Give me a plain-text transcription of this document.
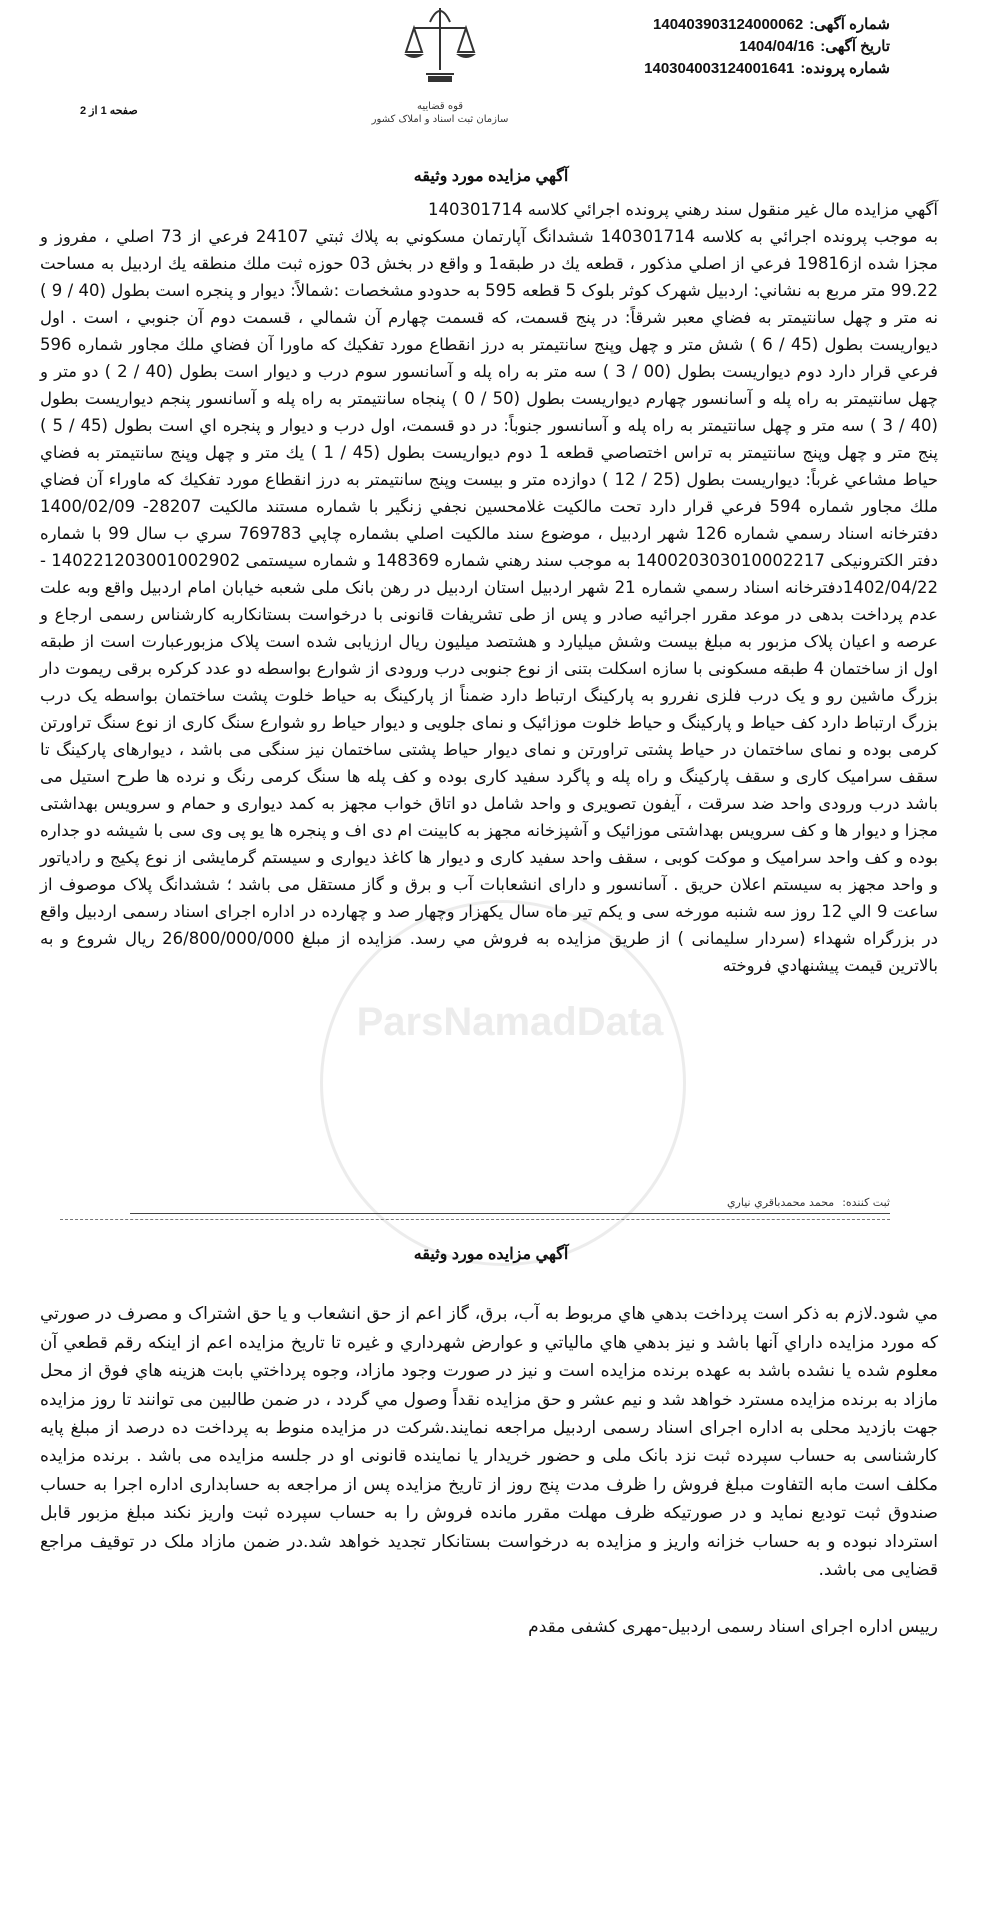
شماره آگهی:140403903124000062
تاریخ آگهی:1404/04/16
شماره پرونده:140304003124001641
قوه قضاییه
سازمان ثبت اسناد و املاک کشور
صفحه 1 از 2
آگهي مزايده مورد وثيقه
ParsNamadData
آگهي مزايده مال غير منقول سند رهني پرونده اجرائي کلاسه 140301714
به موجب پرونده اجرائي به كلاسه 140301714 ششدانگ آپارتمان مسكوني به پلاك ثبتي 24107 فرعي از 73 اصلي ، مفروز و مجزا شده از19816 فرعي از اصلي مذكور ، قطعه يك در طبقه1 و واقع در بخش 03 حوزه ثبت ملك منطقه يك اردبيل به مساحت 99.22 متر مربع به نشاني: اردبيل شهرک کوثر بلوک 5 قطعه 595 به حدودو مشخصات :شمالاً: ديوار و پنجره است بطول (40 / 9 ) نه متر و چهل سانتيمتر به فضاي معبر شرقاً: در پنج قسمت، كه قسمت چهارم آن شمالي ، قسمت دوم آن جنوبي ، است . اول ديواريست بطول (45 / 6 ) شش متر و چهل وپنج سانتيمتر به درز انقطاع مورد تفكيك كه ماورا آن فضاي ملك مجاور شماره 596 فرعي قرار دارد دوم ديواريست بطول (00 / 3 ) سه متر به راه پله و آسانسور سوم درب و ديوار است بطول (40 / 2 ) دو متر و چهل سانتيمتر به راه پله و آسانسور چهارم ديواريست بطول (50 / 0 ) پنجاه سانتيمتر به راه پله و آسانسور پنجم ديواريست بطول (40 / 3 ) سه متر و چهل سانتيمتر به راه پله و آسانسور جنوباً: در دو قسمت، اول درب و ديوار و پنجره اي است بطول (45 / 5 ) پنج متر و چهل وپنج سانتيمتر به تراس اختصاصي قطعه 1 دوم ديواريست بطول (45 / 1 ) يك متر و چهل وپنج سانتيمتر به فضاي حياط مشاعي غرباً: ديواريست بطول (25 / 12 ) دوازده متر و بيست وپنج سانتيمتر به درز انقطاع مورد تفكيك كه ماوراء آن فضاي ملك مجاور شماره 594 فرعي قرار دارد تحت مالکيت غلامحسين نجفي زنگير با شماره مستند مالکيت 28207- 1400/02/09 دفترخانه اسناد رسمي شماره 126 شهر اردبيل ، موضوع سند مالکيت اصلي بشماره چاپي 769783 سري ب سال 99 با شماره دفتر الکترونيکی 140020303010002217 به موجب سند رهني شماره 148369 و شماره سيستمی 140221203001002902 - 1402/04/22دفترخانه اسناد رسمي شماره 21 شهر اردبيل استان اردبيل در رهن بانک ملی شعبه خیابان امام اردبيل واقع وبه علت عدم پرداخت بدهی در موعد مقرر اجرائيه صادر و پس از طی تشريفات قانونی با درخواست بستانکاربه کارشناس رسمی ارجاع و عرصه و اعیان پلاک مزبور به مبلغ بيست وشش میلیارد و هشتصد میلیون ريال ارزیابی شده است پلاک مزبورعبارت است از طبقه اول از ساختمان 4 طبقه مسکونی با سازه اسکلت بتنی از نوع جنوبی درب ورودی از شوارع بواسطه دو عدد کرکره برقی ریموت دار بزرگ ماشین رو و یک درب فلزی نفررو به پارکینگ ارتباط دارد ضمناً از پارکینگ به حیاط خلوت پشت ساختمان بواسطه یک درب بزرگ ارتباط دارد کف حیاط و پارکینگ و حیاط خلوت موزائیک و نمای جلویی و دیوار حیاط رو شوارع سنگ کاری از نوع سنگ تراورتن کرمی بوده و نمای ساختمان در حیاط پشتی تراورتن و نمای دیوار حیاط پشتی ساختمان نیز سنگی می باشد ، دیوارهای پارکینگ تا سقف سرامیک کاری و سقف پارکینگ و راه پله و پاگرد سفید کاری بوده و کف پله ها سنگ کرمی رنگ و نرده ها طرح استیل می باشد درب ورودی واحد ضد سرقت ، آیفون تصویری و واحد شامل دو اتاق خواب مجهز به کمد دیواری و حمام و سرویس بهداشتی مجزا و دیوار ها و کف سرویس بهداشتی موزائیک و آشپزخانه مجهز به کابینت ام دی اف و پنجره ها یو پی وی سی با شیشه دو جداره بوده و کف واحد سرامیک و موکت کوبی ، سقف واحد سفید کاری و دیوار ها کاغذ دیواری و سیستم گرمایشی از نوع پکیج و رادیاتور و واحد مجهز به سیستم اعلان حریق . آسانسور و دارای انشعابات آب و برق و گاز مستقل می باشد ؛ ششدانگ پلاک موصوف از ساعت 9 الي 12 روز سه شنبه مورخه سی و یکم تیر ماه سال یکهزار وچهار صد و چهارده در اداره اجرای اسناد رسمی اردبیل واقع در بزرگراه شهداء (سردار سلیمانی ) از طریق مزایده به فروش مي رسد. مزايده از مبلغ 26/800/000/000 ريال شروع و به بالاترين قيمت پيشنهادي فروخته
ثبت كننده:محمد محمدباقري نياري
آگهي مزايده مورد وثيقه

مي شود.لازم به ذکر است پرداخت بدهي هاي مربوط به آب، برق، گاز اعم از حق انشعاب و يا حق اشتراک و مصرف در صورتي که مورد مزايده داراي آنها باشد و نيز بدهي هاي مالياتي و عوارض شهرداري و غيره تا تاريخ مزايده اعم از اينکه رقم قطعي آن معلوم شده يا نشده باشد به عهده برنده مزايده است و نيز در صورت وجود مازاد، وجوه پرداختي بابت هزينه هاي فوق از محل مازاد به برنده مزايده مسترد خواهد شد و نيم عشر و حق مزايده نقداً وصول مي گردد ، در ضمن طالبين می توانند تا روز مزايده جهت بازديد محلی به اداره اجرای اسناد رسمی اردبيل مراجعه نمايند.شرکت در مزايده منوط به پرداخت ده درصد از مبلغ پايه کارشناسی به حساب سپرده ثبت نزد بانک ملی و حضور خريدار يا نماينده قانونی او در جلسه مزايده می باشد . برنده مزايده مکلف است مابه التفاوت مبلغ فروش را ظرف مدت پنج روز از تاريخ مزايده پس از مراجعه به حسابداری اداره اجرا به حساب صندوق ثبت توديع نمايد و در صورتيکه ظرف مهلت مقرر مانده فروش را به حساب سپرده ثبت واريز نکند مبلغ مزبور قابل استرداد نبوده و به حساب خزانه واريز و مزايده به درخواست بستانکار تجديد خواهد شد.در ضمن مازاد ملک در توقيف مراجع قضايی می باشد.

رييس اداره اجرای اسناد رسمی اردبيل-مهری کشفی مقدم
